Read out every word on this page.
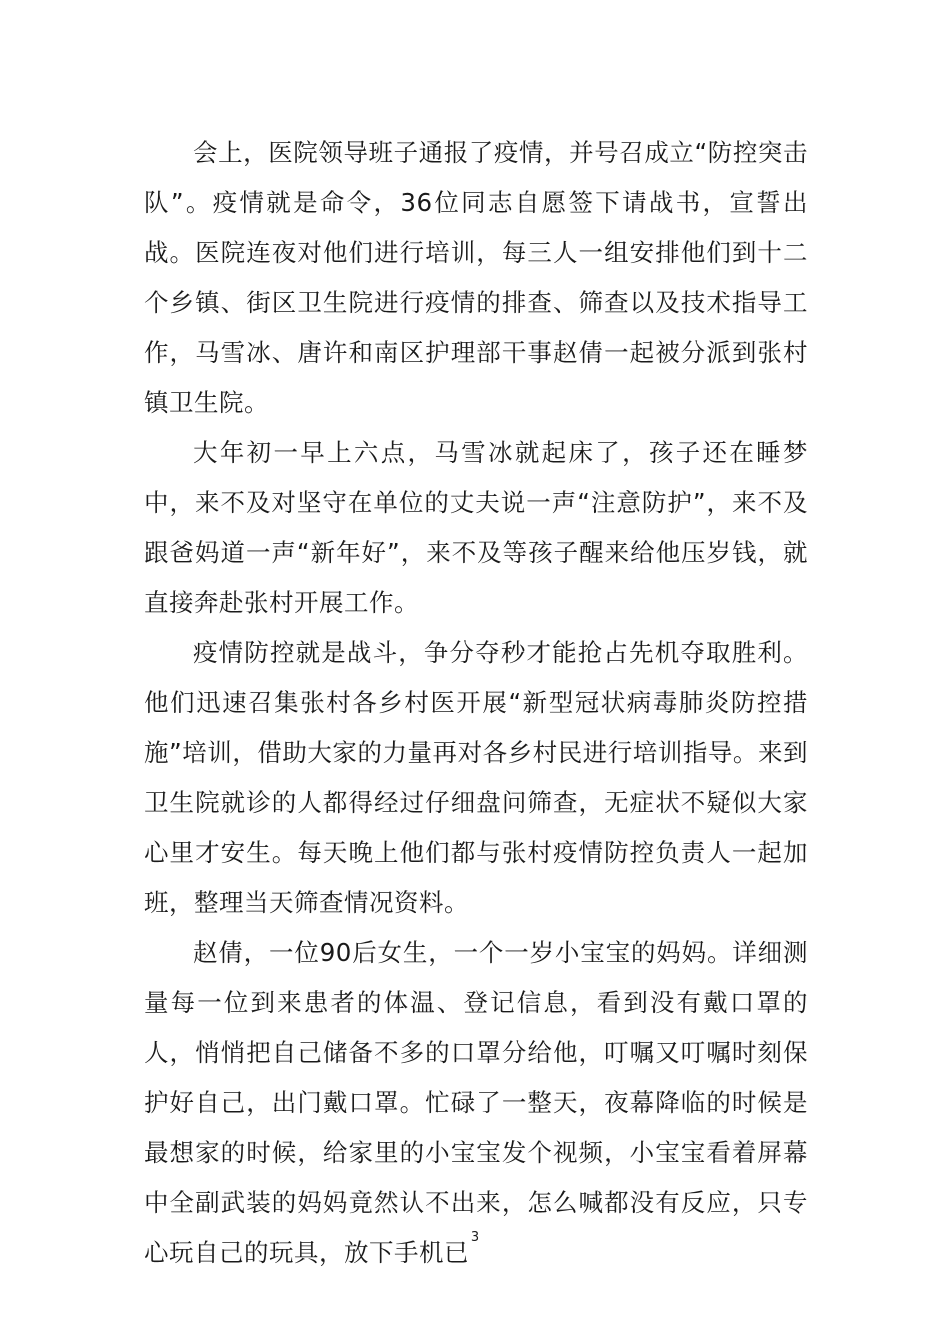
会上，医院领导班子通报了疫情，并号召成立“防控突击队”。疫情就是命令，36位同志自愿签下请战书，宣誓出战。医院连夜对他们进行培训，每三人一组安排他们到十二个乡镇、街区卫生院进行疫情的排查、筛查以及技术指导工作，马雪冰、唐许和南区护理部干事赵倩一起被分派到张村镇卫生院。

大年初一早上六点，马雪冰就起床了，孩子还在睡梦中，来不及对坚守在单位的丈夫说一声“注意防护”，来不及跟爸妈道一声“新年好”，来不及等孩子醒来给他压岁钱，就直接奔赴张村开展工作。

疫情防控就是战斗，争分夺秒才能抢占先机夺取胜利。他们迅速召集张村各乡村医开展“新型冠状病毒肺炎防控措施”培训，借助大家的力量再对各乡村民进行培训指导。来到卫生院就诊的人都得经过仔细盘问筛查，无症状不疑似大家心里才安生。每天晚上他们都与张村疫情防控负责人一起加班，整理当天筛查情况资料。

赵倩，一位90后女生，一个一岁小宝宝的妈妈。详细测量每一位到来患者的体温、登记信息，看到没有戴口罩的人，悄悄把自己储备不多的口罩分给他，叮嘱又叮嘱时刻保护好自己，出门戴口罩。忙碌了一整天，夜幕降临的时候是最想家的时候，给家里的小宝宝发个视频，小宝宝看着屏幕中全副武装的妈妈竟然认不出来，怎么喊都没有反应，只专心玩自己的玩具，放下手机已

3
